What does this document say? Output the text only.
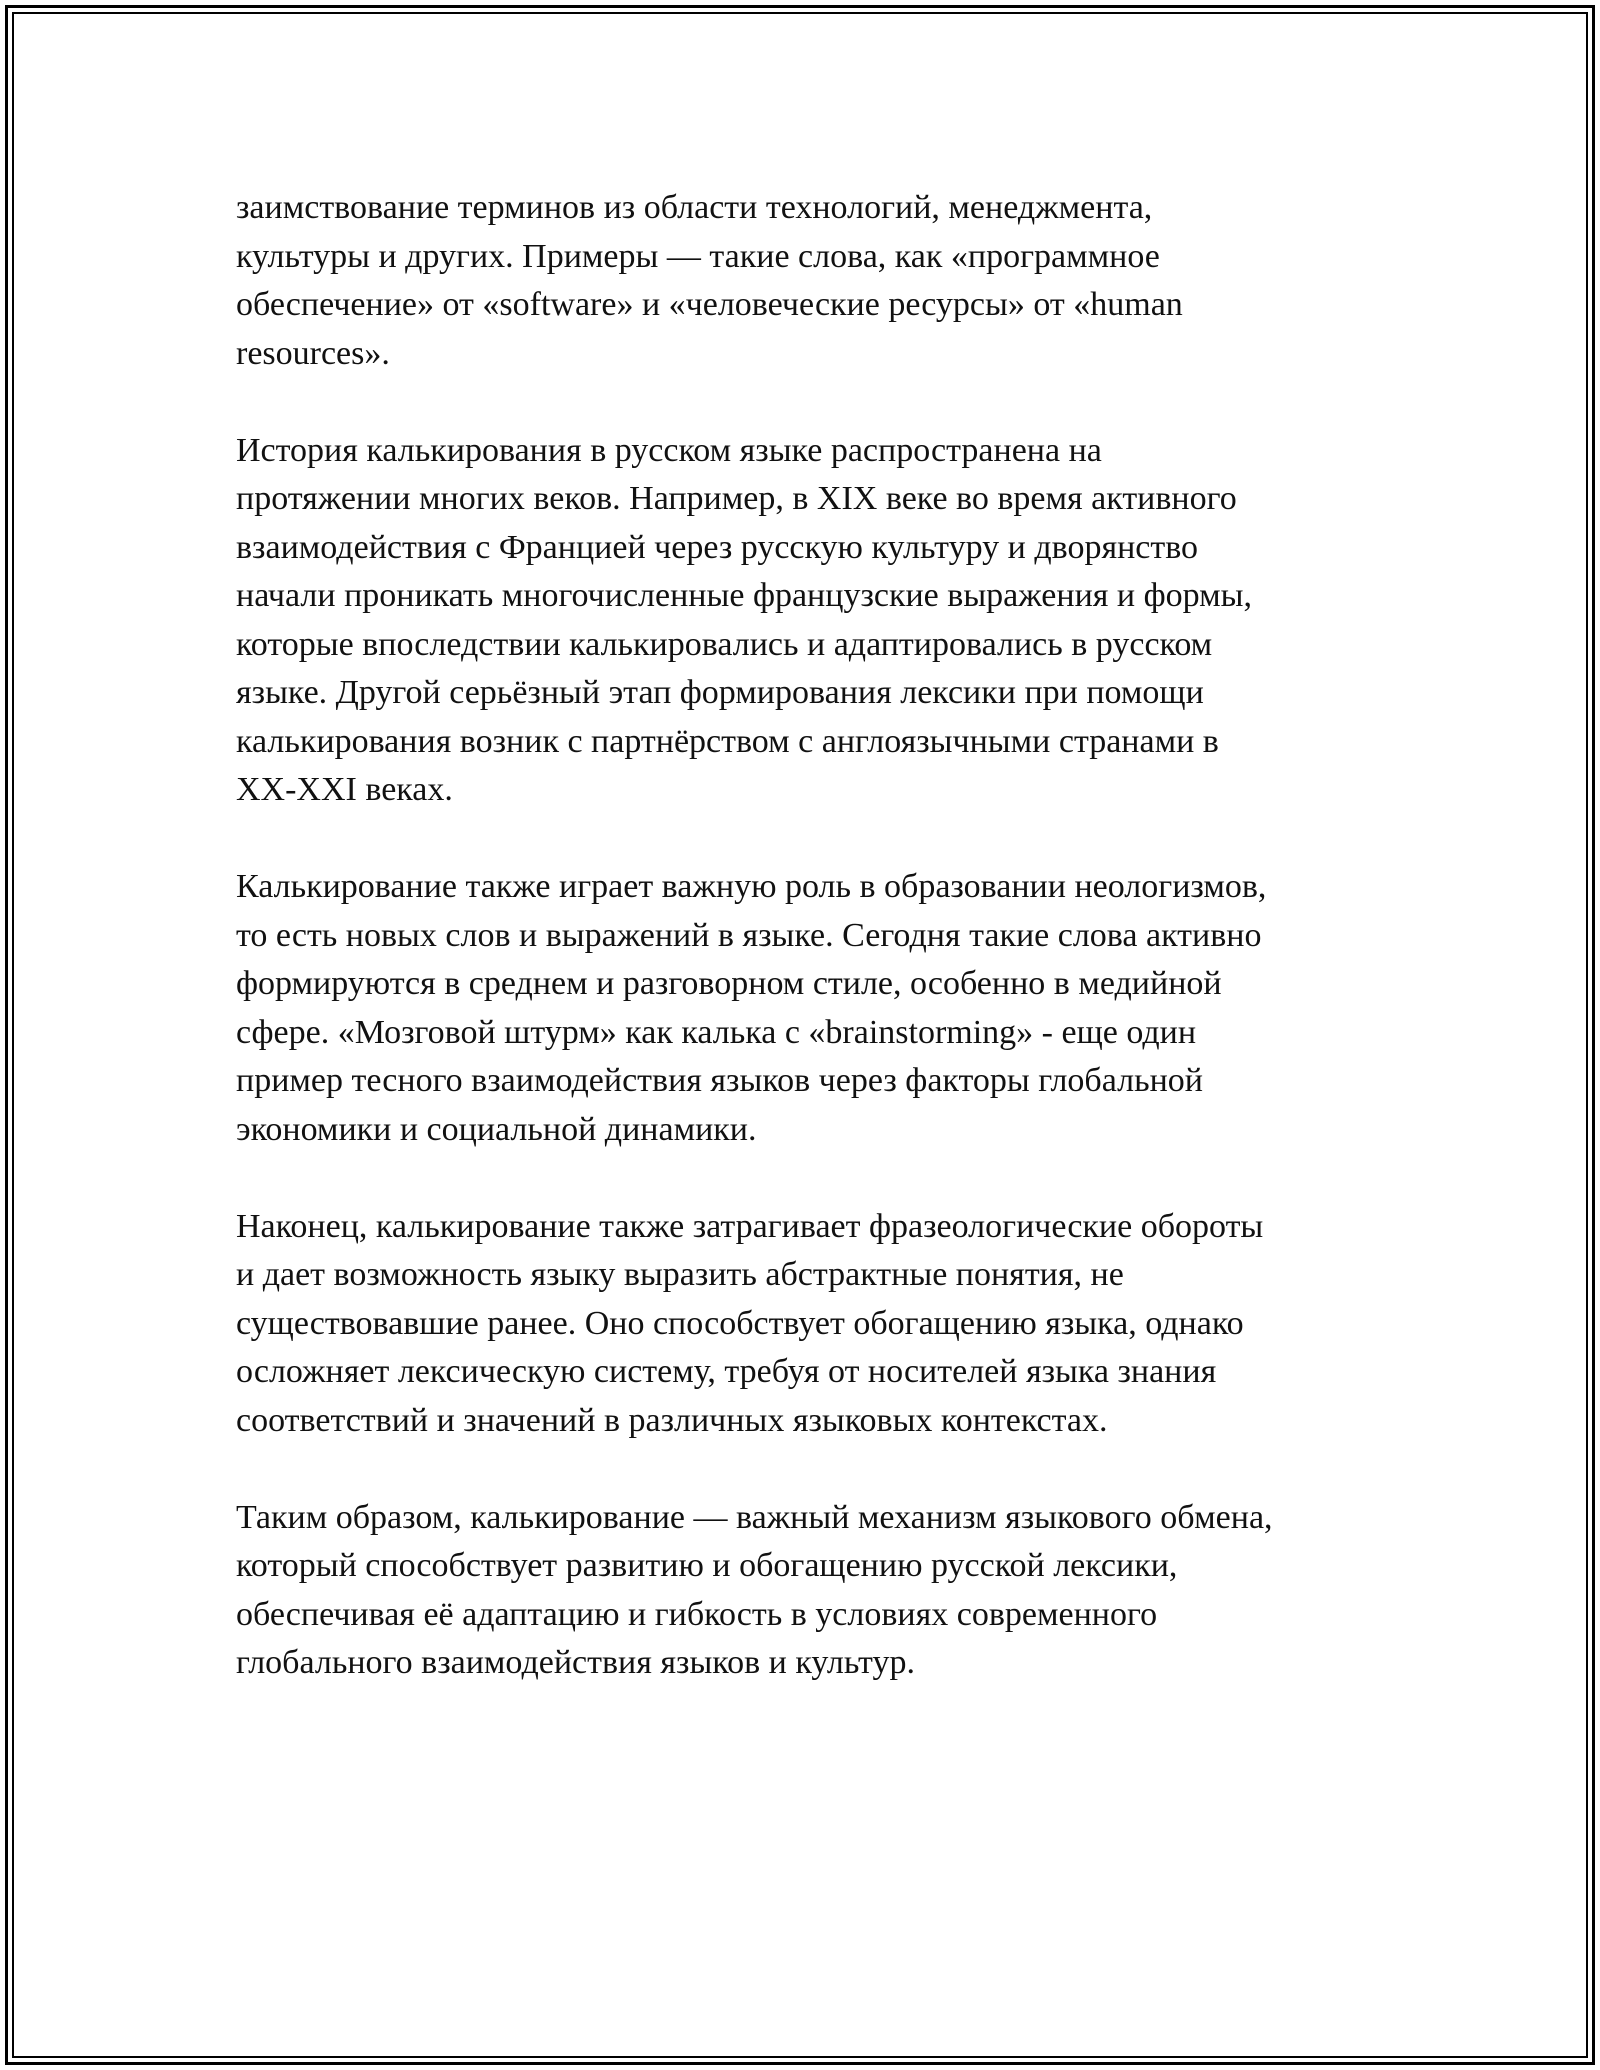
заимствование терминов из области технологий, менеджмента,
культуры и других. Примеры — такие слова, как «программное
обеспечение» от «software» и «человеческие ресурсы» от «human
resources».

История калькирования в русском языке распространена на
протяжении многих веков. Например, в XIX веке во время активного
взаимодействия с Францией через русскую культуру и дворянство
начали проникать многочисленные французские выражения и формы,
которые впоследствии калькировались и адаптировались в русском
языке. Другой серьёзный этап формирования лексики при помощи
калькирования возник с партнёрством с англоязычными странами в
XX-XXI веках.

Калькирование также играет важную роль в образовании неологизмов,
то есть новых слов и выражений в языке. Сегодня такие слова активно
формируются в среднем и разговорном стиле, особенно в медийной
сфере. «Мозговой штурм» как калька с «brainstorming» - еще один
пример тесного взаимодействия языков через факторы глобальной
экономики и социальной динамики.

Наконец, калькирование также затрагивает фразеологические обороты
и дает возможность языку выразить абстрактные понятия, не
существовавшие ранее. Оно способствует обогащению языка, однако
осложняет лексическую систему, требуя от носителей языка знания
соответствий и значений в различных языковых контекстах.

Таким образом, калькирование — важный механизм языкового обмена,
который способствует развитию и обогащению русской лексики,
обеспечивая её адаптацию и гибкость в условиях современного
глобального взаимодействия языков и культур.
